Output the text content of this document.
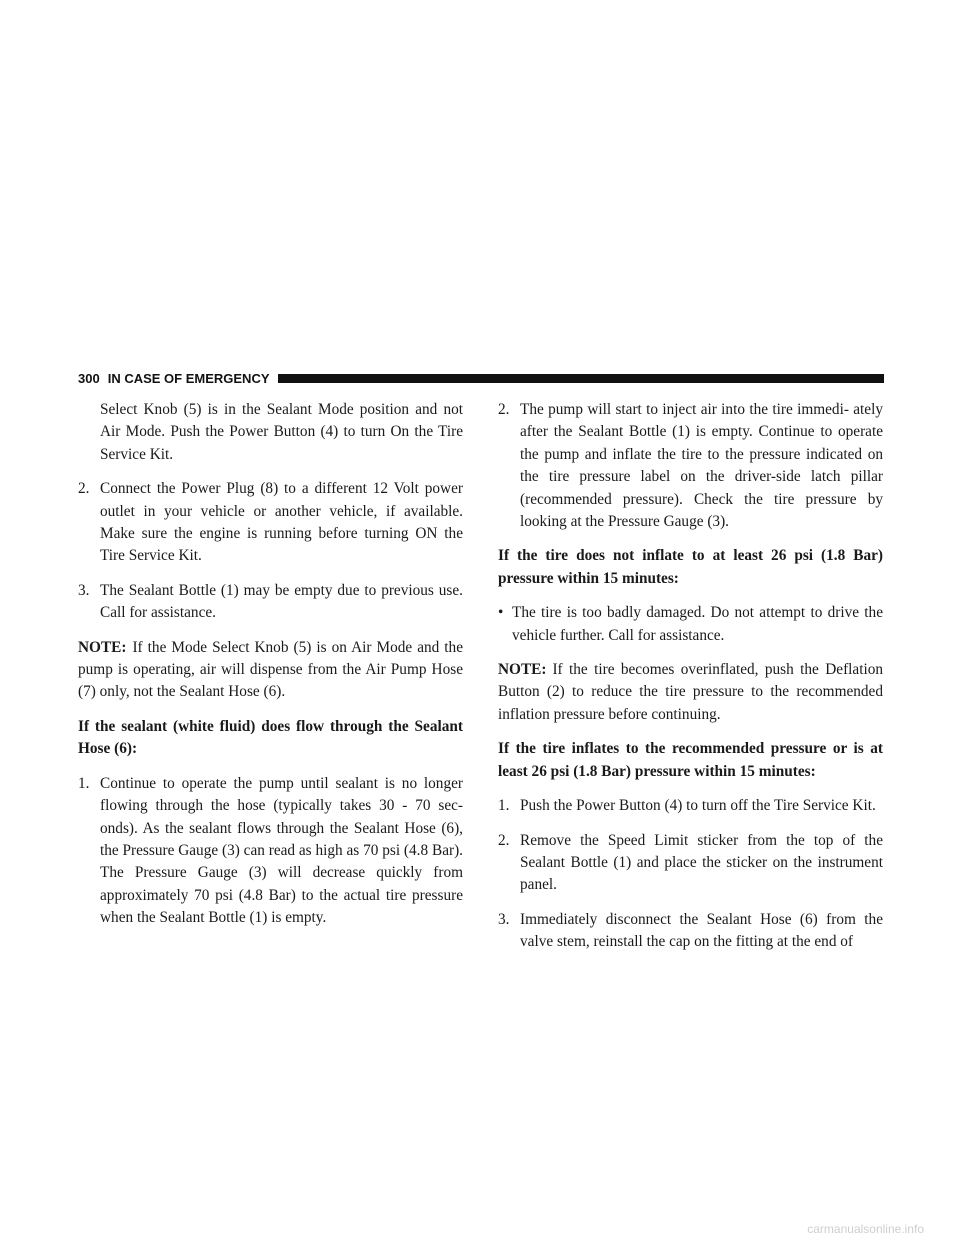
300 IN CASE OF EMERGENCY

Select Knob (5) is in the Sealant Mode position and not Air Mode. Push the Power Button (4) to turn On the Tire Service Kit.

2. Connect the Power Plug (8) to a different 12 Volt power outlet in your vehicle or another vehicle, if available. Make sure the engine is running before turning ON the Tire Service Kit.
3. The Sealant Bottle (1) may be empty due to previous use. Call for assistance.

NOTE: If the Mode Select Knob (5) is on Air Mode and the pump is operating, air will dispense from the Air Pump Hose (7) only, not the Sealant Hose (6).

If the sealant (white fluid) does flow through the Sealant Hose (6):

1. Continue to operate the pump until sealant is no longer flowing through the hose (typically takes 30 - 70 sec- onds). As the sealant flows through the Sealant Hose (6), the Pressure Gauge (3) can read as high as 70 psi (4.8 Bar). The Pressure Gauge (3) will decrease quickly from approximately 70 psi (4.8 Bar) to the actual tire pressure when the Sealant Bottle (1) is empty.
2. The pump will start to inject air into the tire immedi- ately after the Sealant Bottle (1) is empty. Continue to operate the pump and inflate the tire to the pressure indicated on the tire pressure label on the driver-side latch pillar (recommended pressure). Check the tire pressure by looking at the Pressure Gauge (3).

If the tire does not inflate to at least 26 psi (1.8 Bar) pressure within 15 minutes:

• The tire is too badly damaged. Do not attempt to drive the vehicle further. Call for assistance.

NOTE: If the tire becomes overinflated, push the Deflation Button (2) to reduce the tire pressure to the recommended inflation pressure before continuing.

If the tire inflates to the recommended pressure or is at least 26 psi (1.8 Bar) pressure within 15 minutes:

1. Push the Power Button (4) to turn off the Tire Service Kit.
2. Remove the Speed Limit sticker from the top of the Sealant Bottle (1) and place the sticker on the instrument panel.
3. Immediately disconnect the Sealant Hose (6) from the valve stem, reinstall the cap on the fitting at the end of
carmanualsonline.info
